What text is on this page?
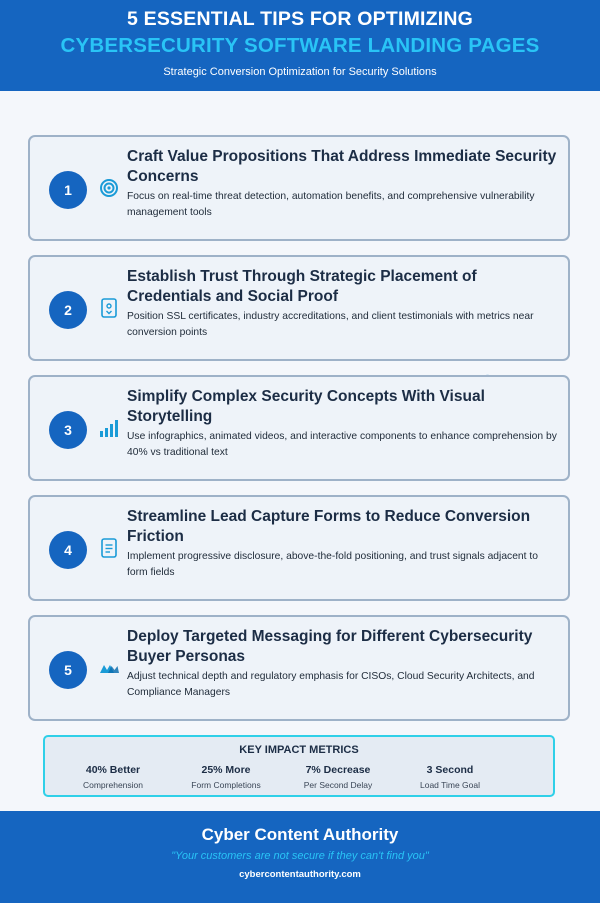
5 ESSENTIAL TIPS FOR OPTIMIZING
CYBERSECURITY SOFTWARE LANDING PAGES
Strategic Conversion Optimization for Security Solutions
1
Craft Value Propositions That Address Immediate Security Concerns
Focus on real-time threat detection, automation benefits, and comprehensive vulnerability management tools
2
Establish Trust Through Strategic Placement of Credentials and Social Proof
Position SSL certificates, industry accreditations, and client testimonials with metrics near conversion points
3
Simplify Complex Security Concepts With Visual Storytelling
Use infographics, animated videos, and interactive components to enhance comprehension by 40% vs traditional text
4
Streamline Lead Capture Forms to Reduce Conversion Friction
Implement progressive disclosure, above-the-fold positioning, and trust signals adjacent to form fields
5
Deploy Targeted Messaging for Different Cybersecurity Buyer Personas
Adjust technical depth and regulatory emphasis for CISOs, Cloud Security Architects, and Compliance Managers
KEY IMPACT METRICS
40% Better
Comprehension
25% More
Form Completions
7% Decrease
Per Second Delay
3 Second
Load Time Goal
Cyber Content Authority
"Your customers are not secure if they can't find you"
cybercontentauthority.com
